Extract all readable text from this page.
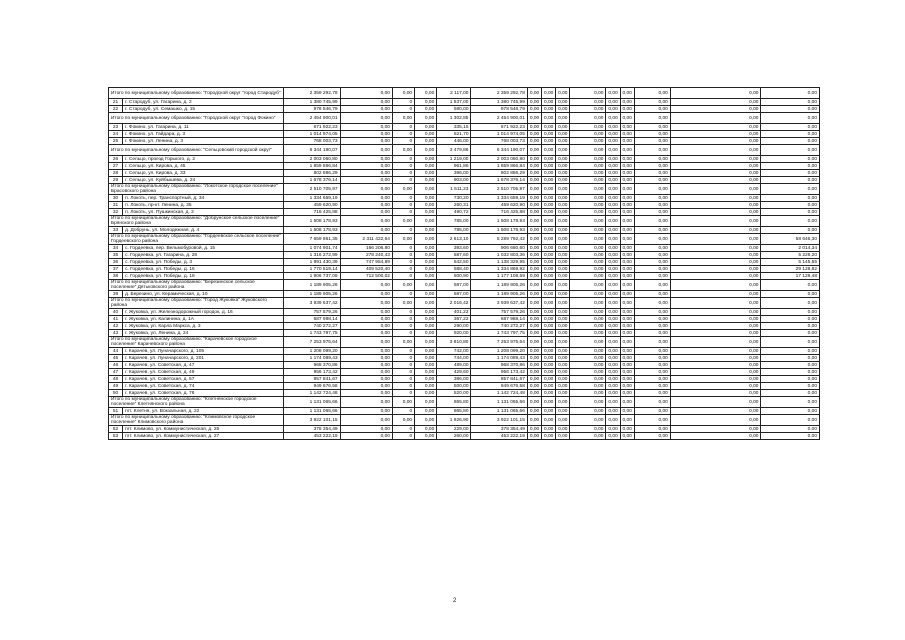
Итого по муниципальному образованию: "Городской округ "город Стародуб"		2 359 292,78	0,00	0,00	0,00	2 117,00	2 359 292,78	0,00	0,00	0,00	0,00	0,00	0,00	0,00	0,00	0,00
21	г. Стародуб, ул. Гагарина, д. 2	1 380 745,99	0,00	0	0,00	1 537,00	1 380 745,99	0,00	0,00	0,00	0,00	0,00	0,00	0,00	0,00	0,00
22	г. Стародуб, ул. Семашко, д. 15	978 546,79	0,00	0	0,00	580,00	978 546,79	0,00	0,00	0,00	0,00	0,00	0,00	0,00	0,00	0,00
Итого по муниципальному образованию: "Городской округ "город Фокино"		2 454 900,01	0,00	0,00	0,00	1 302,85	2 454 900,01	0,00	0,00	0,00	0,00	0,00	0,00	0,00	0,00	0,00
23	г. Фокино, ул. Гагарина, д. 11	671 922,23	0,00	0	0,00	335,15	671 922,23	0,00	0,00	0,00	0,00	0,00	0,00	0,00	0,00	0,00
24	г. Фокино, ул. Гайдара, д. 3	1 014 974,05	0,00	0	0,00	521,70	1 014 974,05	0,00	0,00	0,00	0,00	0,00	0,00	0,00	0,00	0,00
25	г. Фокино, ул. Ленина, д. 3	768 003,73	0,00	0	0,00	446,00	768 003,73	0,00	0,00	0,00	0,00	0,00	0,00	0,00	0,00	0,00
Итого по муниципальному образованию: "Сельцовский городской округ"		6 344 190,07	0,00	0,00	0,00	3 479,86	6 344 190,07	0,00	0,00	0,00	0,00	0,00	0,00	0,00	0,00	0,00
26	г. Сельцо, проезд Горького, д. 2	2 003 060,80	0,00	0	0,00	1 219,00	2 003 060,80	0,00	0,00	0,00	0,00	0,00	0,00	0,00	0,00	0,00
27	г. Сельцо, ул. Кирова, д. 45	1 859 866,84	0,00	0	0,00	961,86	1 859 866,84	0,00	0,00	0,00	0,00	0,00	0,00	0,00	0,00	0,00
28	г. Сельцо, ул. Кирова, д. 33	802 886,29	0,00	0	0,00	396,00	802 886,29	0,00	0,00	0,00	0,00	0,00	0,00	0,00	0,00	0,00
29	г. Сельцо, ул. Куйбышева, д. 24	1 678 376,14	0,00	0	0,00	903,00	1 678 376,14	0,00	0,00	0,00	0,00	0,00	0,00	0,00	0,00	0,00
Итого по муниципальному образованию: "Локотское городское поселение" Брасовского района		2 510 705,97	0,00	0,00	0,00	1 511,23	2 510 705,97	0,00	0,00	0,00	0,00	0,00	0,00	0,00	0,00	0,00
30	п. Локоть, пер. Транспортный, д. 34	1 334 659,19	0,00	0	0,00	730,20	1 334 659,19	0,00	0,00	0,00	0,00	0,00	0,00	0,00	0,00	0,00
31	п. Локоть, пр-кт. Ленина, д. 35	459 620,90	0,00	0	0,00	260,31	459 620,90	0,00	0,00	0,00	0,00	0,00	0,00	0,00	0,00	0,00
32	п. Локоть, ул. Пушкинская, д. 2	716 425,88	0,00	0	0,00	490,72	716 425,88	0,00	0,00	0,00	0,00	0,00	0,00	0,00	0,00	0,00
Итого по муниципальному образованию: "Добрунское сельское поселение" Брянского района		1 508 178,93	0,00	0,00	0,00	785,00	1 508 178,93	0,00	0,00	0,00	0,00	0,00	0,00	0,00	0,00	0,00
33	д. Добрунь, ул. Молодежная, д. 4	1 508 178,93	0,00	0	0,00	785,00	1 508 178,93	0,00	0,00	0,00	0,00	0,00	0,00	0,00	0,00	0,00
Итого по муниципальному образованию: "Гордеевское сельское поселение" Гордеевского района		7 659 861,35	2 311 422,64	0,00	0,00	2 613,10	5 289 792,42	0,00	0,00	0,00	0,00	0,00	0,00	0,00	0,00	58 646,30
34	с. Гордеевка, пер. Вельмобуровой, д. 15	1 074 901,74	166 206,80	0	0,00	393,60	906 680,60	0,00	0,00	0,00	0,00	0,00	0,00	0,00	0,00	2 014,34
35	с. Гордеевка, ул. Гагарина, д. 28	1 316 272,99	278 240,43	0	0,00	587,60	1 032 803,36	0,00	0,00	0,00	0,00	0,00	0,00	0,00	0,00	5 229,20
36	с. Гордеевка, ул. Победы, д. 3	1 891 430,39	747 954,89	0	0,00	542,50	1 138 329,95	0,00	0,00	0,00	0,00	0,00	0,00	0,00	0,00	5 145,55
37	с. Гордеевка, ул. Победы, д. 16	1 770 519,14	409 520,40	0	0,00	588,40	1 334 869,92	0,00	0,00	0,00	0,00	0,00	0,00	0,00	0,00	29 128,82
38	с. Гордеевка, ул. Победы, д. 18	1 906 737,09	712 500,02	0	0,00	500,90	1 177 108,59	0,00	0,00	0,00	0,00	0,00	0,00	0,00	0,00	17 128,48
Итого по муниципальному образованию: "Березинское сельское поселение" Дятьковского района		1 189 905,26	0,00	0,00	0,00	587,00	1 189 905,26	0,00	0,00	0,00	0,00	0,00	0,00	0,00	0,00	0,00
39	д. Березино, ул. Керамическая, д. 10	1 189 905,26	0,00	0	0,00	587,00	1 189 905,26	0,00	0,00	0,00	0,00	0,00	0,00	0,00	0,00	0,00
Итого по муниципальному образованию: "Город Жуковка" Жуковского района		3 939 637,42	0,00	0,00	0,00	2 016,42	3 939 637,42	0,00	0,00	0,00	0,00	0,00	0,00	0,00	0,00	0,00
40	г. Жуковка, ул. Железнодорожный городок, д. 16	757 579,26	0,00	0	0,00	401,22	757 579,26	0,00	0,00	0,00	0,00	0,00	0,00	0,00	0,00	0,00
41	г. Жуковка, ул. Калинина, д. 1А	687 988,14	0,00	0	0,00	367,22	687 988,14	0,00	0,00	0,00	0,00	0,00	0,00	0,00	0,00	0,00
42	г. Жуковка, ул. Карла Маркса, д. 3	740 272,27	0,00	0	0,00	290,00	740 272,27	0,00	0,00	0,00	0,00	0,00	0,00	0,00	0,00	0,00
43	г. Жуковка, ул. Ленина, д. 24	1 743 797,75	0,00	0	0,00	920,00	1 743 797,75	0,00	0,00	0,00	0,00	0,00	0,00	0,00	0,00	0,00
Итого по муниципальному образованию: "Карачевское городское поселение" Карачевского района		7 253 975,64	0,00	0,00	0,00	3 810,80	7 253 975,64	0,00	0,00	0,00	0,00	0,00	0,00	0,00	0,00	0,00
44	г. Карачев, ул. Луначарского, д. 105	1 208 099,20	0,00	0	0,00	742,00	1 208 099,20	0,00	0,00	0,00	0,00	0,00	0,00	0,00	0,00	0,00
45	г. Карачев, ул. Луначарского, д. 201	1 174 089,43	0,00	0	0,00	744,00	1 174 089,43	0,00	0,00	0,00	0,00	0,00	0,00	0,00	0,00	0,00
46	г. Карачев, ул. Советская, д. 47	968 370,86	0,00	0	0,00	489,00	968 370,86	0,00	0,00	0,00	0,00	0,00	0,00	0,00	0,00	0,00
47	г. Карачев, ул. Советская, д. 49	956 173,42	0,00	0	0,00	429,60	956 173,42	0,00	0,00	0,00	0,00	0,00	0,00	0,00	0,00	0,00
48	г. Карачев, ул. Советская, д. 57	857 841,67	0,00	0	0,00	386,00	857 841,67	0,00	0,00	0,00	0,00	0,00	0,00	0,00	0,00	0,00
49	г. Карачев, ул. Советская, д. 74	949 676,58	0,00	0	0,00	500,00	949 676,58	0,00	0,00	0,00	0,00	0,00	0,00	0,00	0,00	0,00
50	г. Карачев, ул. Советская, д. 76	1 142 724,48	0,00	0	0,00	520,00	1 142 724,48	0,00	0,00	0,00	0,00	0,00	0,00	0,00	0,00	0,00
Итого по муниципальному образованию: "Клетнянское городское поселение" Клетнянского района		1 131 065,66	0,00	0,00	0,00	865,80	1 131 065,66	0,00	0,00	0,00	0,00	0,00	0,00	0,00	0,00	0,00
51	пгт. Клетня, ул. Вокзальная, д. 22	1 131 065,66	0,00	0	0,00	865,80	1 131 065,66	0,00	0,00	0,00	0,00	0,00	0,00	0,00	0,00	0,00
Итого по муниципальному образованию: "Климовское городское поселение" Климовского района		3 922 101,15	0,00	0,00	0,00	1 926,90	3 922 101,15	0,00	0,00	0,00	0,00	0,00	0,00	0,00	0,00	0,00
52	пгт. Климово, ул. Коммунистическая, д. 25	378 354,49	0,00	0	0,00	229,00	378 354,49	0,00	0,00	0,00	0,00	0,00	0,00	0,00	0,00	0,00
53	пгт. Климово, ул. Коммунистическая, д. 27	453 222,19	0,00	0	0,00	260,00	453 222,19	0,00	0,00	0,00	0,00	0,00	0,00	0,00	0,00	0,00
2
